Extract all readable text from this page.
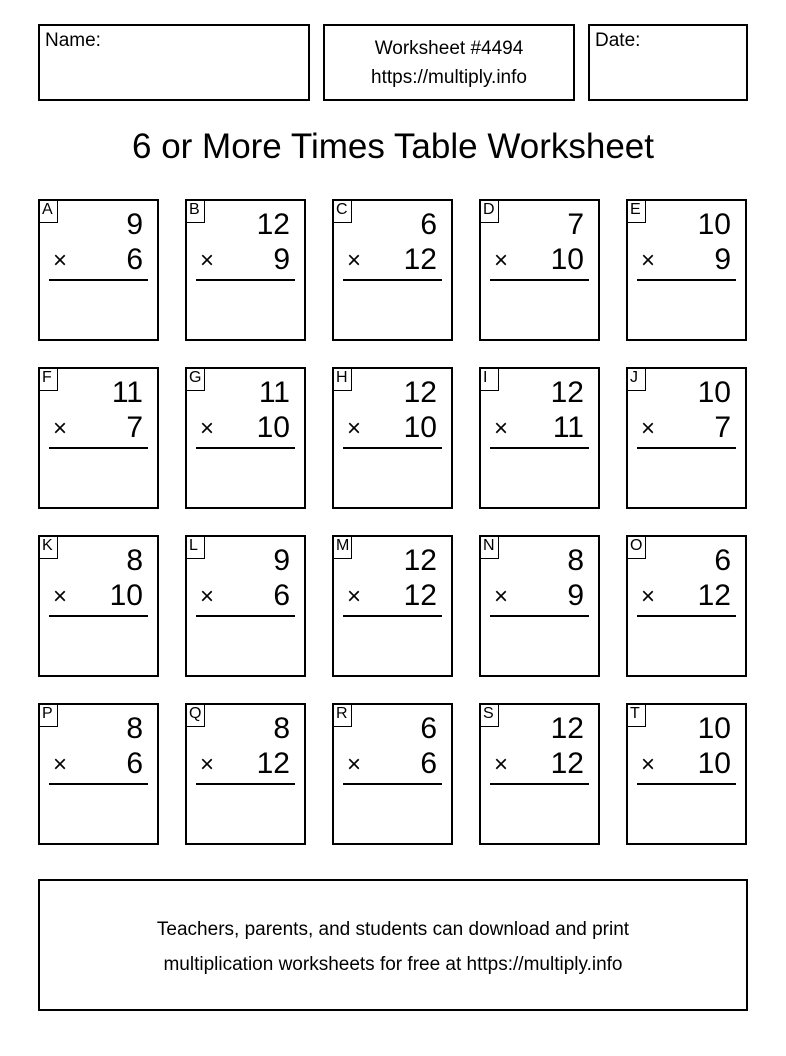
Name:	Worksheet #4494
https://multiply.info
Date:
6 or More Times Table Worksheet
A 9
× 6
B 12
× 9
C 6
× 12
D 7
× 10
E 10
× 9
F 11
× 7
G 11
× 10
H 12
× 10
I	12
× 11
J 10
× 7
K 8
× 10
L	9
× 6
M 12
× 12
N 8
× 9
O 6
× 12
P 8
× 6
Q 8
× 12
R 6
× 6
S 12
× 12
T 10
× 10
Teachers, parents, and students can download and print
multiplication worksheets for free at https://multiply.info
